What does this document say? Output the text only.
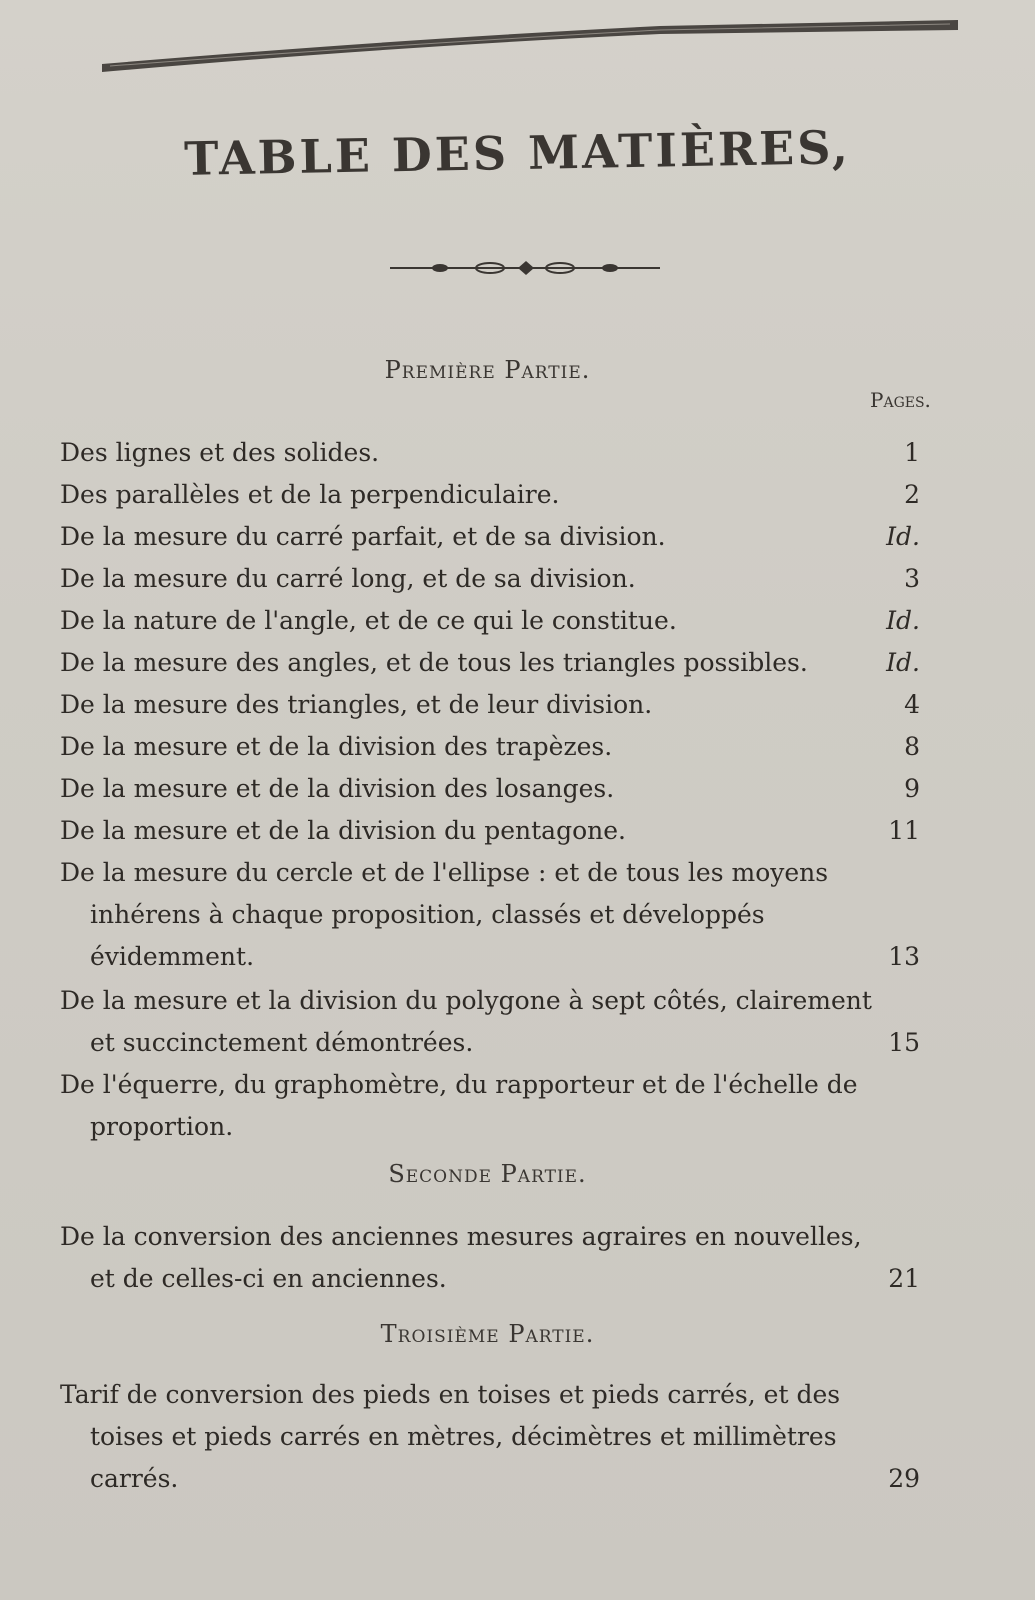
TABLE DES MATIÈRES,
Première Partie.
Pages.
Des lignes et des solides.	1
Des parallèles et de la perpendiculaire.	2
De la mesure du carré parfait, et de sa division.	Id.
De la mesure du carré long, et de sa division.	3
De la nature de l'angle, et de ce qui le constitue.	Id.
De la mesure des angles, et de tous les triangles possibles.	Id.
De la mesure des triangles, et de leur division.	4
De la mesure et de la division des trapèzes.	8
De la mesure et de la division des losanges.	9
De la mesure et de la division du pentagone.	11
De la mesure du cercle et de l'ellipse : et de tous les moyens inhérens à chaque proposition, classés et développés évidemment.	13
De la mesure et la division du polygone à sept côtés, clairement et succinctement démontrées.	15
De l'équerre, du graphomètre, du rapporteur et de l'échelle de proportion.
Seconde Partie.
De la conversion des anciennes mesures agraires en nouvelles, et de celles-ci en anciennes.	21
Troisième Partie.
Tarif de conversion des pieds en toises et pieds carrés, et des toises et pieds carrés en mètres, décimètres et millimètres carrés.	29
